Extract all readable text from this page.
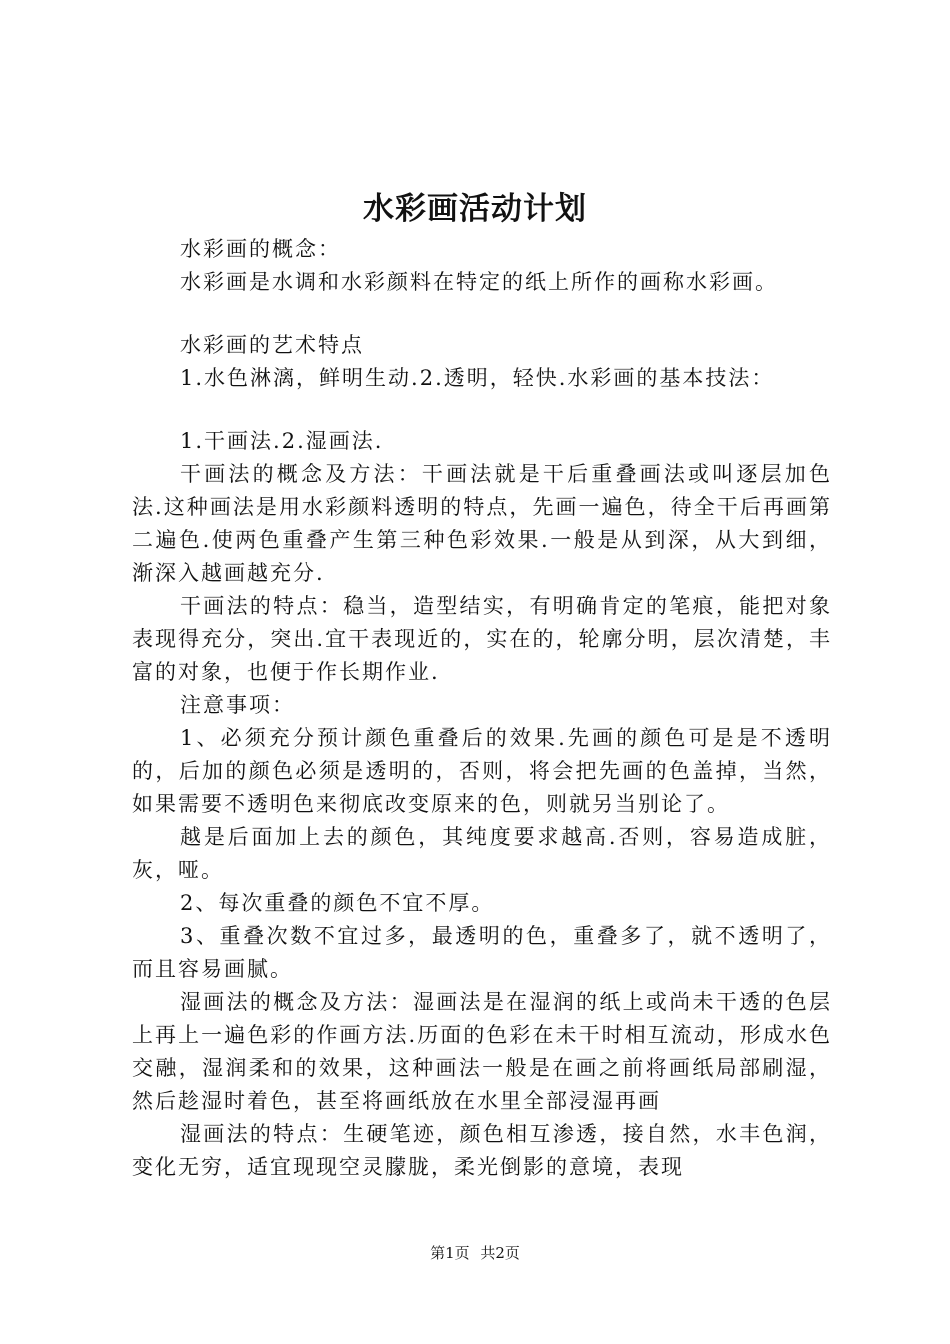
水彩画活动计划

水彩画的概念：

水彩画是水调和水彩颜料在特定的纸上所作的画称水彩画。

水彩画的艺术特点

1.水色淋漓，鲜明生动.2.透明，轻快.水彩画的基本技法：

1.干画法.2.湿画法.

干画法的概念及方法：干画法就是干后重叠画法或叫逐层加色法.这种画法是用水彩颜料透明的特点，先画一遍色，待全干后再画第二遍色.使两色重叠产生第三种色彩效果.一般是从到深，从大到细，渐深入越画越充分.

干画法的特点：稳当，造型结实，有明确肯定的笔痕，能把对象表现得充分，突出.宜干表现近的，实在的，轮廓分明，层次清楚，丰富的对象，也便于作长期作业.

注意事项：

1、必须充分预计颜色重叠后的效果.先画的颜色可是是不透明的，后加的颜色必须是透明的，否则，将会把先画的色盖掉，当然，如果需要不透明色来彻底改变原来的色，则就另当别论了。

越是后面加上去的颜色，其纯度要求越高.否则，容易造成脏，灰，哑。

2、每次重叠的颜色不宜不厚。

3、重叠次数不宜过多，最透明的色，重叠多了，就不透明了，而且容易画腻。

湿画法的概念及方法：湿画法是在湿润的纸上或尚未干透的色层上再上一遍色彩的作画方法.历面的色彩在未干时相互流动，形成水色交融，湿润柔和的效果，这种画法一般是在画之前将画纸局部刷湿，然后趁湿时着色，甚至将画纸放在水里全部浸湿再画

湿画法的特点：生硬笔迹，颜色相互渗透，接自然，水丰色润，变化无穷，适宜现现空灵朦胧，柔光倒影的意境，表现

第1页 共2页
